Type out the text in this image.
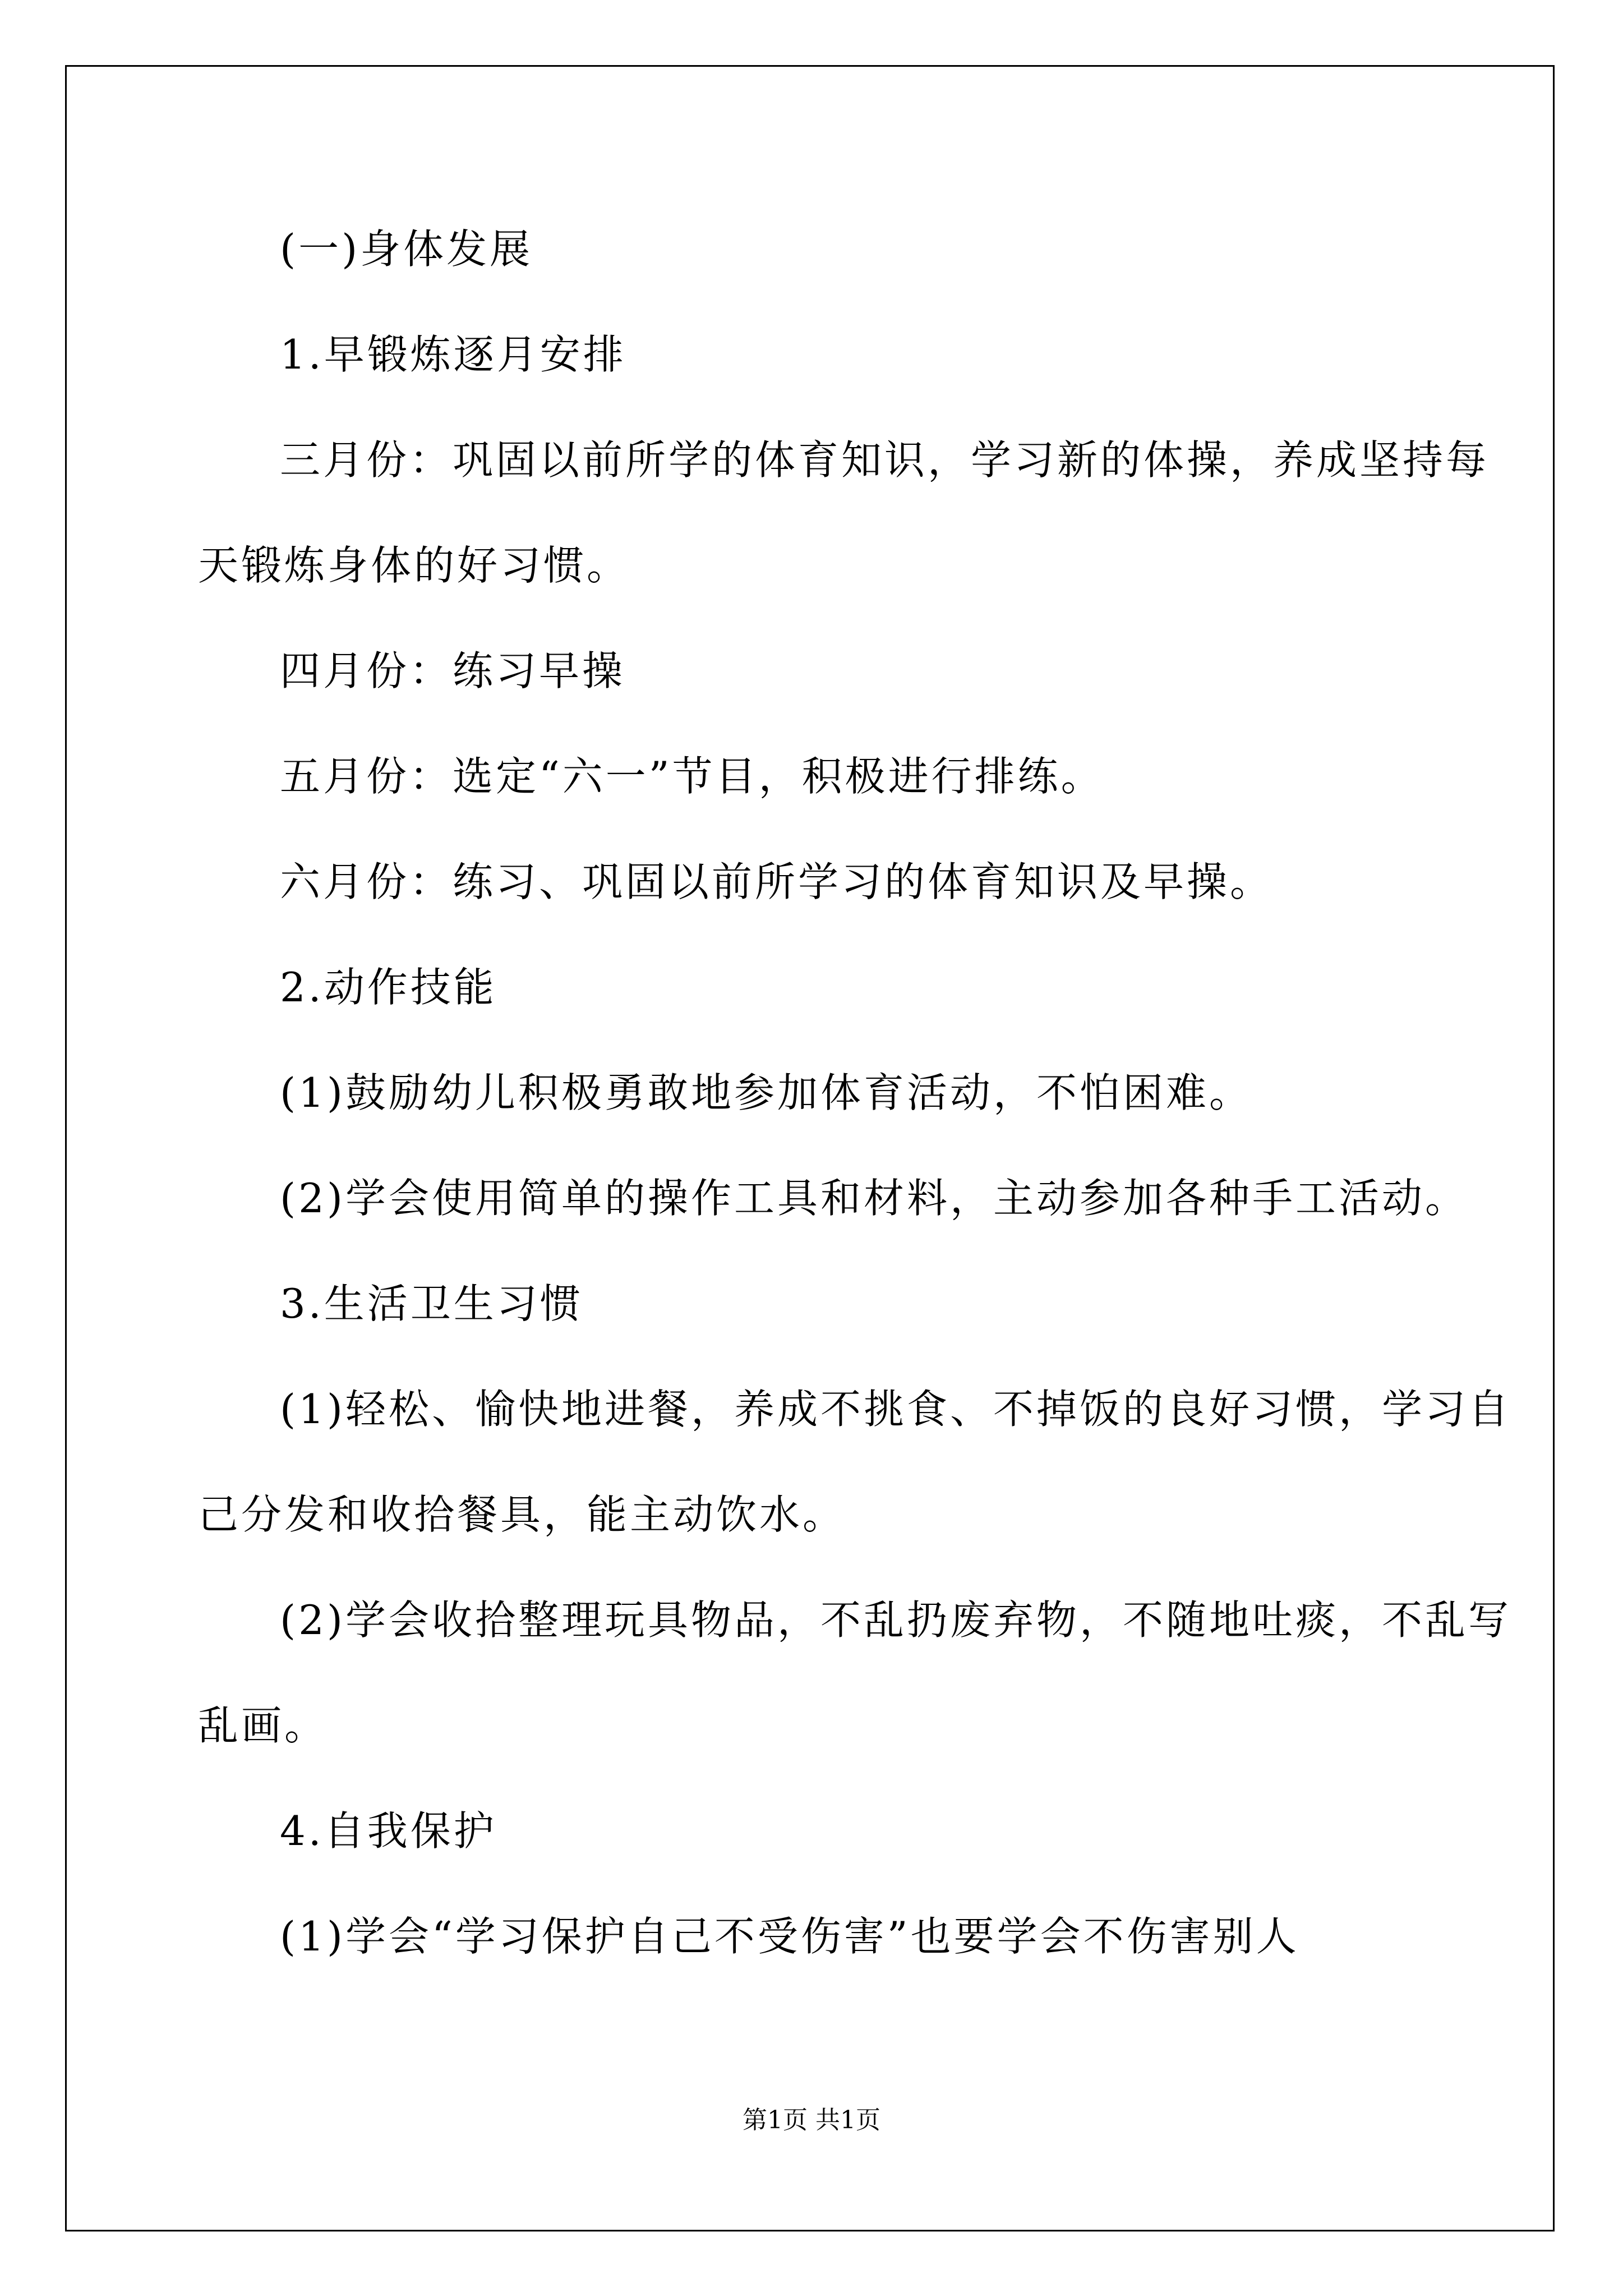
(一)身体发展
1.早锻炼逐月安排
三月份：巩固以前所学的体育知识，学习新的体操，养成坚持每
天锻炼身体的好习惯。
四月份：练习早操
五月份：选定“六一”节目，积极进行排练。
六月份：练习、巩固以前所学习的体育知识及早操。
2.动作技能
(1)鼓励幼儿积极勇敢地参加体育活动，不怕困难。
(2)学会使用简单的操作工具和材料，主动参加各种手工活动。
3.生活卫生习惯
(1)轻松、愉快地进餐，养成不挑食、不掉饭的良好习惯，学习自
己分发和收拾餐具，能主动饮水。
(2)学会收拾整理玩具物品，不乱扔废弃物，不随地吐痰，不乱写
乱画。
4.自我保护
(1)学会“学习保护自己不受伤害”也要学会不伤害别人
第1页 共1页
